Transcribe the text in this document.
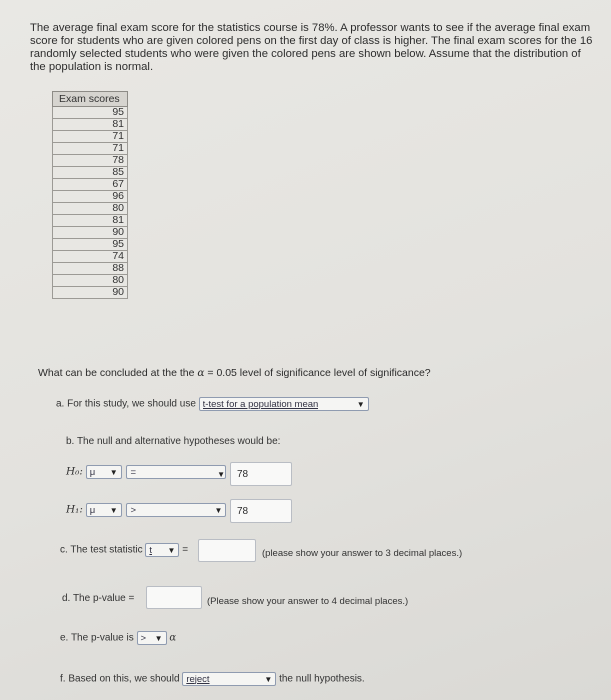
The average final exam score for the statistics course is 78%. A professor wants to see if the average final exam score for students who are given colored pens on the first day of class is higher. The final exam scores for the 16 randomly selected students who were given the colored pens are shown below. Assume that the distribution of the population is normal.
Exam scores
95
81
71
71
78
85
67
96
80
81
90
95
74
88
80
90
What can be concluded at the the α = 0.05 level of significance level of significance?
a. For this study, we should use t-test for a population mean	▼
b. The null and alternative hypotheses would be:
H₀: μ ▼
=	▼	78
H₁: μ ▼
>	▼	78
c. The test statistic t ▼ =	(please show your answer to 3 decimal places.)
d. The p-value =	(Please show your answer to 4 decimal places.)
e. The p-value is > ▼ α
f. Based on this, we should reject	▼ the null hypothesis.
